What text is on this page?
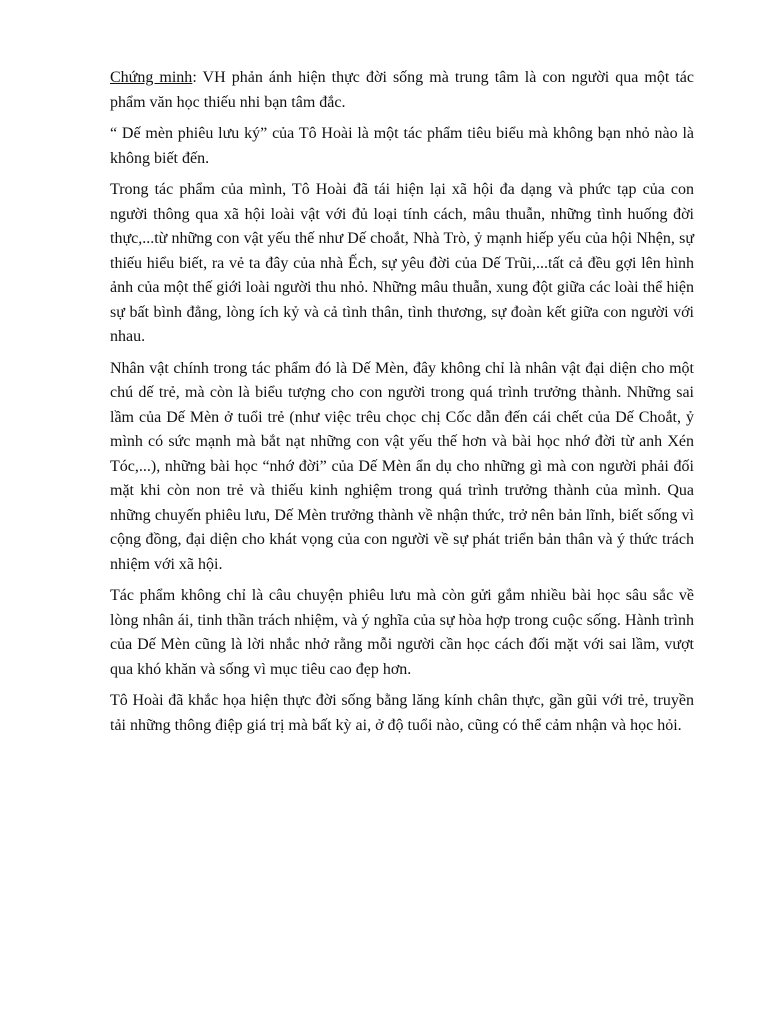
Chứng minh: VH phản ánh hiện thực đời sống mà trung tâm là con người qua một tác phẩm văn học thiếu nhi bạn tâm đắc.

“ Dế mèn phiêu lưu ký” của Tô Hoài là một tác phẩm tiêu biểu mà không bạn nhỏ nào là không biết đến.

Trong tác phẩm của mình, Tô Hoài đã tái hiện lại xã hội đa dạng và phức tạp của con người thông qua xã hội loài vật với đủ loại tính cách, mâu thuẫn, những tình huống đời thực,...từ những con vật yếu thế như Dế choắt, Nhà Trò, ỷ mạnh hiếp yếu của hội Nhện, sự thiếu hiểu biết, ra vẻ ta đây của nhà Ếch, sự yêu đời của Dế Trũi,...tất cả đều gợi lên hình ảnh của một thế giới loài người thu nhỏ. Những mâu thuẫn, xung đột giữa các loài thể hiện sự bất bình đẳng, lòng ích kỷ và cả tình thân, tình thương, sự đoàn kết giữa con người với nhau.

Nhân vật chính trong tác phẩm đó là Dế Mèn, đây không chỉ là nhân vật đại diện cho một chú dế trẻ, mà còn là biểu tượng cho con người trong quá trình trưởng thành. Những sai lầm của Dế Mèn ở tuổi trẻ (như việc trêu chọc chị Cốc dẫn đến cái chết của Dế Choắt, ỷ mình có sức mạnh mà bắt nạt những con vật yếu thế hơn và bài học nhớ đời từ anh Xén Tóc,...), những bài học “nhớ đời” của Dế Mèn ẩn dụ cho những gì mà con người phải đối mặt khi còn non trẻ và thiếu kinh nghiệm trong quá trình trưởng thành của mình. Qua những chuyến phiêu lưu, Dế Mèn trưởng thành về nhận thức, trở nên bản lĩnh, biết sống vì cộng đồng, đại diện cho khát vọng của con người về sự phát triển bản thân và ý thức trách nhiệm với xã hội.

Tác phẩm không chỉ là câu chuyện phiêu lưu mà còn gửi gắm nhiều bài học sâu sắc về lòng nhân ái, tinh thần trách nhiệm, và ý nghĩa của sự hòa hợp trong cuộc sống. Hành trình của Dế Mèn cũng là lời nhắc nhở rằng mỗi người cần học cách đối mặt với sai lầm, vượt qua khó khăn và sống vì mục tiêu cao đẹp hơn.

Tô Hoài đã khắc họa hiện thực đời sống bằng lăng kính chân thực, gần gũi với trẻ, truyền tải những thông điệp giá trị mà bất kỳ ai, ở độ tuổi nào, cũng có thể cảm nhận và học hỏi.
